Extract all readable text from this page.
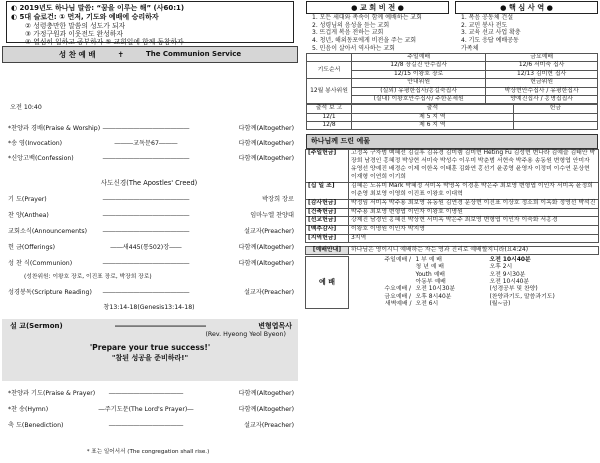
◐ 2019년도 하나님 말씀: “꿈을 이루는 해” (사60:1)
◐ 5대 슬로건: ① 먼저, 기도와 예배에 승리하자
② 성령충만한 말씀의 성도가 되자
③ 가정구원과 이웃전도 완성하자
④ 열심히 일하고 공부하자 ⑤ 교회일에 함께 동참하자
성 찬 예 배	✝	The Communion Service
오전 10:40
*찬양과 경배(Praise & Worship) ――――――――――――――	다함께(Altogether)
*송 영(Invocation)	―――교독문67―――	다함께(Altogether)
*신앙고백(Confession)	――――――――――――――	다함께(Altogether)
사도신경(The Apostles' Creed)
기 도(Prayer)	――――――――――――――	박장희 장로
찬 양(Anthea)	――――――――――――――	임마누엘 찬양대
교회소식(Announcements)	――――――――――――――	설교자(Preacher)
헌 금(Offerings)	――새445(통502)장――	다함께(Altogether)
성 찬 식(Communion)	――――――――――――――	다함께(Altogether)
(성찬위원: 이왕호 장로, 이진표 장로, 박장희 장로)
성경봉독(Scripture Reading)	――――――――――――――	설교자(Preacher)
창13:14-18(Genesis13:14-18)
설 교(Sermon)	―――――――――――――	변형엽목사
(Rev. Hyeong Yeol Byeon)
'Prepare your true success!'
"참된 성공을 준비하라!"
*찬양과 기도(Praise & Prayer)	――――――――――――	다함께(Altogether)
*찬 송(Hymn)	―주기도문(The Lord's Prayer)―	다함께(Altogether)
축 도(Benediction)	――――――――――――	설교자(Preacher)
* 표는 일어서서 (The congregation shall rise.)
● 교 회 비 전 ●
1. 모든 세대와 족속이 함께 예배하는 교회
2. 성령님의 음성을 듣는 교회
3. 뜨겁게 복음 전하는 교회
4. 청년, 해외동포에게 비전을 주는 교회
5. 민음이 살아서 역사하는 교회
● 핵 심 사 역 ●
1. 복음 공동체 건설
2. 교민 봉사 전도
3. 교육 선교 사업 확충
4. 기도 응답 예배공동
가족체
	주일예배	금요예배
기도순서	12/8 장길진 안수집사	12/6 서미숙 집사
	12/15 이왕호 장로	12/13 김미현 집사
12월 봉사위원	안내위원	헌금위원
	(실외) 유평한집사/홍길숙집사	박상현안수집사 / 유평한집사
	(실내) 이왕호안수집사/ 주한문세원	양예진집사 / 홍명집집사
출석 보 고	출석	헌금
12/1	제 5 지 역	
12/8	제 6 지 역	
하나님께 드린 예물
[주일헌금]	고정옥 구자범 백혜선 김길후 김유경 김미렘 김미현 Heting Fu 김성현 변나라 김예슬 김태안 박장희 남경인 홍혜정 박상현 서미숙 박성수 이우미 박춘범 서현숙 박주용 송동원 변형엽 안미자 유영선 양예진 배경순 이제 이한옥 이태훈 김화연 홍선기 윤종영 윤영자 이정미 이수연 문상현 이재형 이연희 이기희
[십 일 조]	김혜은 노유미 Mark 박혜정 서미옥 박명옥 이경훈 박은주 최보영 변형엽 이인자 서미옥 윤정희 이춘영 최보영 이영희 이진표 이왕호 이대혁
[감사헌금]	박정임 서미옥 박주용 최보영 유동원 김연경 문상현 이진표 이상호 정소희 이옥화 정영선 박석진
[건축헌금]	박주용 최보영 변형엽 이인자 이왕호 이명원
[선교헌금]	강제진 남경인 홍혜진 박상현 서미옥 박은주 최보영 변형엽 이인자 이숙화 서홍경
[맥추감사]	이왕호 이명원 이인자 박지영
[지역헌금]	3지역
[예배안내]	하나님은 영이시니 예배하는 자는 영과 진리로 예배할지니라(요4:24)
예 배	주일예배 /	1 부 예 배	오전 10시40분
		청 년 예 배	오후 2시
		Youth 예배	오전 9시30분
		아동부 예배	오전 10시40분
	수요예배 /	오전 10시30분	(성경공부 및 찬양)
	금요예배 /	오후 8시40분	(찬양과기도, 말씀과기도)
	새벽예배 /	오전 6시	(월~금)
